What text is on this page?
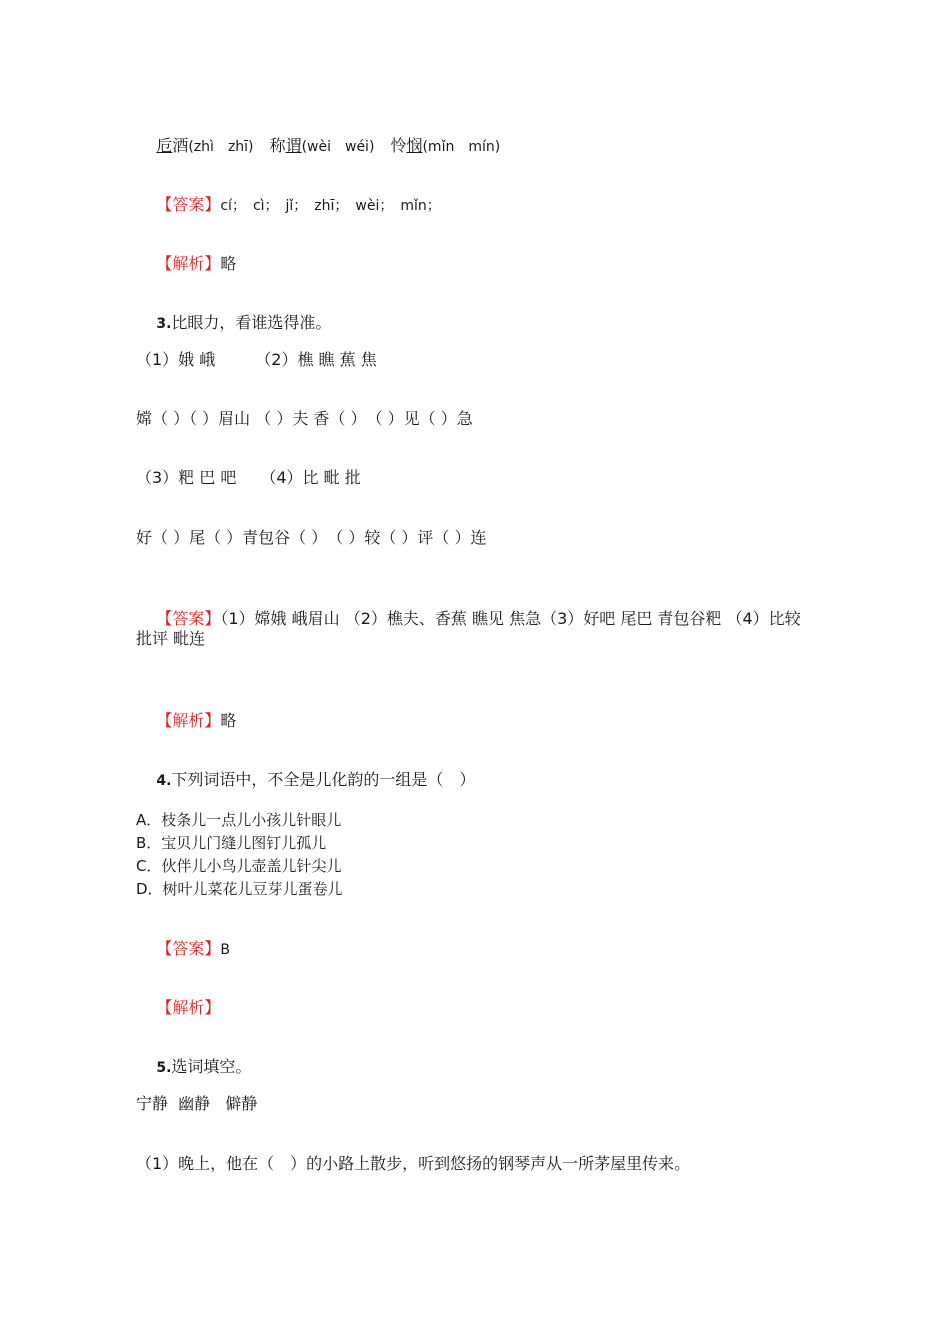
卮酒(zhì　zhī)　 称谓(wèi　wéi)　 怜悯(mǐn　mín)

【答案】cí；　cì；　jǐ；　zhī；　wèi；　mǐn；

【解析】略

3.比眼力，看谁选得准。

（1）娥 峨　　　（2）樵 瞧 蕉 焦
嫦（ ）（ ）眉山 （ ）夫 香（ ）　（ ）见（ ）急
（3）粑 巴 吧　　（4）比 毗 批
好（ ）尾（ ）青包谷（ ）　（ ）较（ ）评（ ）连

【答案】（1）嫦娥 峨眉山 （2）樵夫、香蕉 瞧见 焦急（3）好吧 尾巴 青包谷粑 （4）比较

批评 毗连

【解析】略

4.下列词语中，不全是儿化韵的一组是（　）

A．枝条儿一点儿小孩儿针眼儿
B．宝贝儿门缝儿图钉儿孤儿
C．伙伴儿小鸟儿壶盖儿针尖儿
D．树叶儿菜花儿豆芽儿蛋卷儿

【答案】B

【解析】

5.选词填空。

宁静  幽静   僻静
（1）晚上，他在（　）的小路上散步，听到悠扬的钢琴声从一所茅屋里传来。
